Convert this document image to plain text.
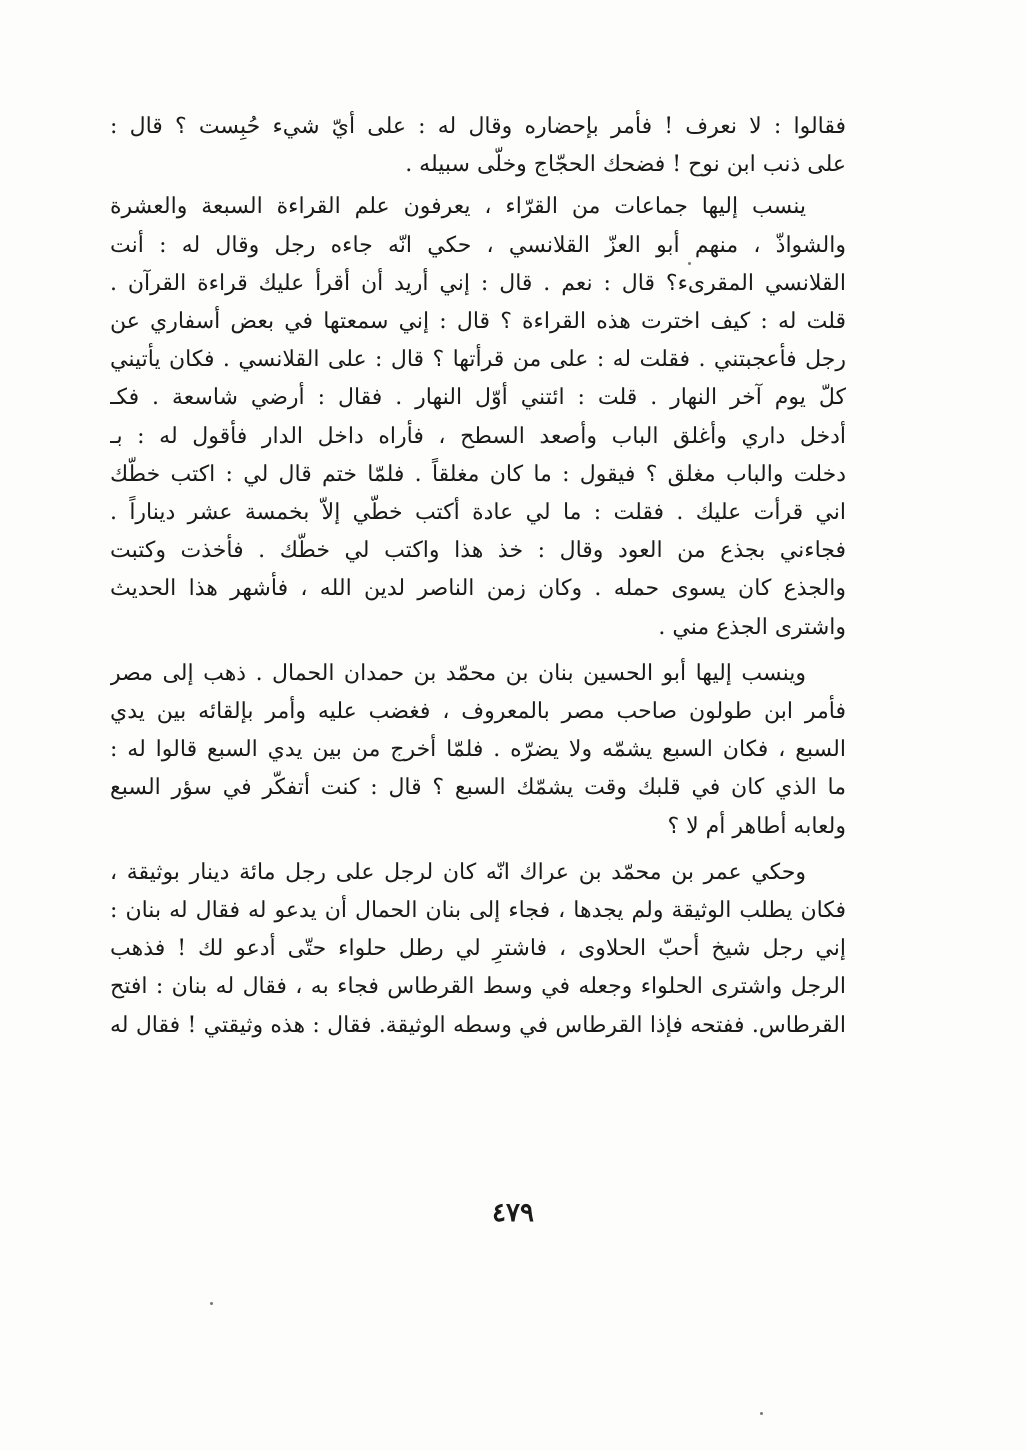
فقالوا : لا نعرف ! فأمر بإحضاره وقال له : على أيّ شيء حُبِست ؟ قال :
على ذنب ابن نوح ! فضحك الحجّاج وخلّى سبيله .
ينسب إليها جماعات من القرّاء ، يعرفون علم القراءة السبعة والعشرة
والشواذّ ، منهم أبو العزّ القلانسي ، حكي انّه جاءه رجل وقال له : أنت
القلانسي المقرىء؟ قال : نعم . قال : إني أريد أن أقرأ عليك قراءة القرآن .
قلت له : كيف اخترت هذه القراءة ؟ قال : إني سمعتها في بعض أسفاري عن
رجل فأعجبتني . فقلت له : على من قرأتها ؟ قال : على القلانسي . فكان يأتيني
كلّ يوم آخر النهار . قلت : ائتني أوّل النهار . فقال : أرضي شاسعة . فكـ
أدخل داري وأغلق الباب وأصعد السطح ، فأراه داخل الدار فأقول له : بـ
دخلت والباب مغلق ؟ فيقول : ما كان مغلقاً . فلمّا ختم قال لي : اكتب خطّك
اني قرأت عليك . فقلت : ما لي عادة أكتب خطّي إلاّ بخمسة عشر ديناراً .
فجاءني بجذع من العود وقال : خذ هذا واكتب لي خطّك . فأخذت وكتبت
والجذع كان يسوى حمله . وكان زمن الناصر لدين الله ، فأشهر هذا الحديث
واشترى الجذع مني .
وينسب إليها أبو الحسين بنان بن محمّد بن حمدان الحمال . ذهب إلى مصر
فأمر ابن طولون صاحب مصر بالمعروف ، فغضب عليه وأمر بإلقائه بين يدي
السبع ، فكان السبع يشمّه ولا يضرّه . فلمّا أخرج من بين يدي السبع قالوا له :
ما الذي كان في قلبك وقت يشمّك السبع ؟ قال : كنت أتفكّر في سؤر السبع
ولعابه أطاهر أم لا ؟
وحكي عمر بن محمّد بن عراك انّه كان لرجل على رجل مائة دينار بوثيقة ،
فكان يطلب الوثيقة ولم يجدها ، فجاء إلى بنان الحمال أن يدعو له فقال له بنان :
إني رجل شيخ أحبّ الحلاوى ، فاشترِ لي رطل حلواء حتّى أدعو لك ! فذهب
الرجل واشترى الحلواء وجعله في وسط القرطاس فجاء به ، فقال له بنان : افتح
القرطاس. ففتحه فإذا القرطاس في وسطه الوثيقة. فقال : هذه وثيقتي ! فقال له
٤٧٩
